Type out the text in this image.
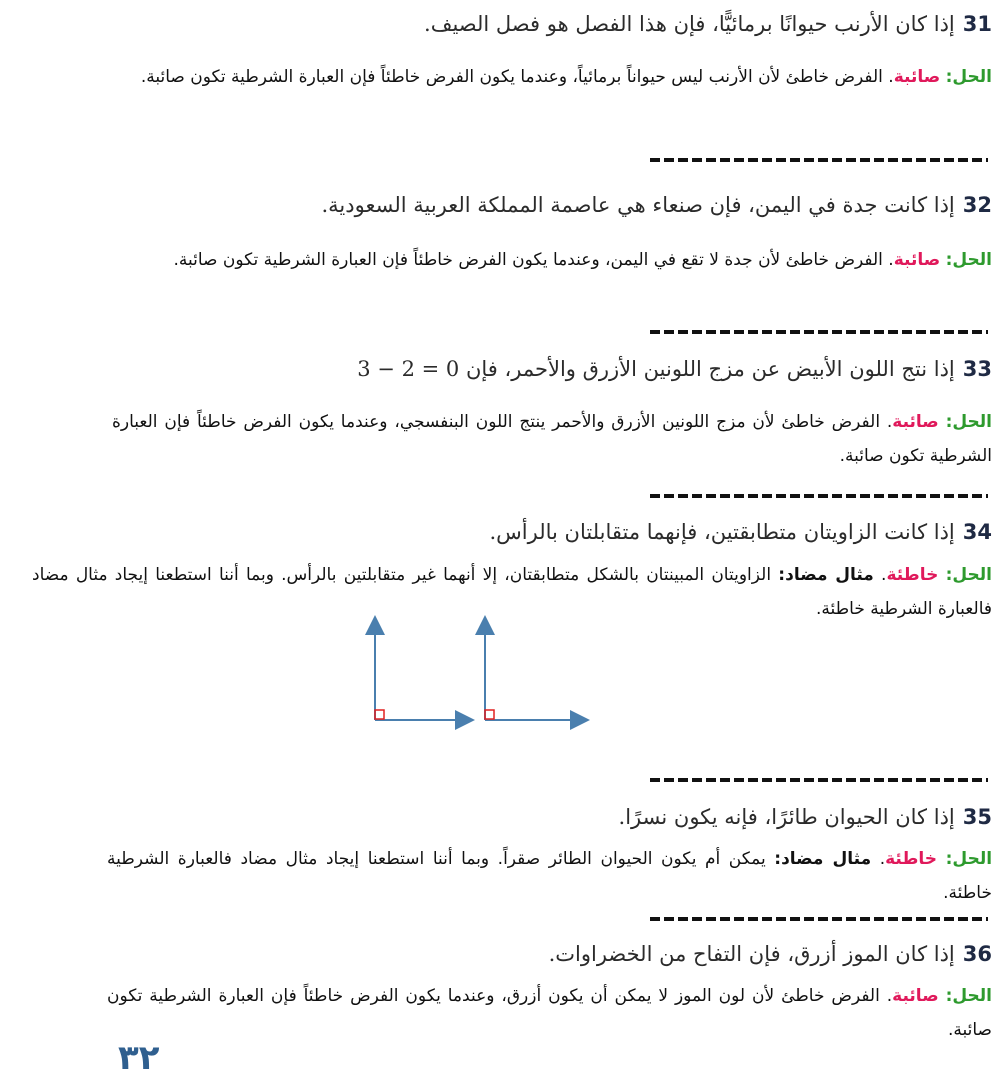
31إذا كان الأرنب حيوانًا برمائيًّا، فإن هذا الفصل هو فصل الصيف.
الحل: صائبة. الفرض خاطئ لأن الأرنب ليس حيواناً برمائياً، وعندما يكون الفرض خاطئاً فإن العبارة الشرطية تكون صائبة.
32إذا كانت جدة في اليمن، فإن صنعاء هي عاصمة المملكة العربية السعودية.
الحل: صائبة. الفرض خاطئ لأن جدة لا تقع في اليمن، وعندما يكون الفرض خاطئاً فإن العبارة الشرطية تكون صائبة.
33إذا نتج اللون الأبيض عن مزج اللونين الأزرق والأحمر، فإن 0 = 2 − 3
الحل: صائبة. الفرض خاطئ لأن مزج اللونين الأزرق والأحمر ينتج اللون البنفسجي، وعندما يكون الفرض خاطئاً فإن العبارة الشرطية تكون صائبة.
34إذا كانت الزاويتان متطابقتين، فإنهما متقابلتان بالرأس.
الحل: خاطئة. مثال مضاد: الزاويتان المبينتان بالشكل متطابقتان، إلا أنهما غير متقابلتين بالرأس. وبما أننا استطعنا إيجاد مثال مضاد فالعبارة الشرطية خاطئة.
35إذا كان الحيوان طائرًا، فإنه يكون نسرًا.
الحل: خاطئة. مثال مضاد: يمكن أم يكون الحيوان الطائر صقراً. وبما أننا استطعنا إيجاد مثال مضاد فالعبارة الشرطية خاطئة.
36إذا كان الموز أزرق، فإن التفاح من الخضراوات.
الحل: صائبة. الفرض خاطئ لأن لون الموز لا يمكن أن يكون أزرق، وعندما يكون الفرض خاطئاً فإن العبارة الشرطية تكون صائبة.
٣٢
